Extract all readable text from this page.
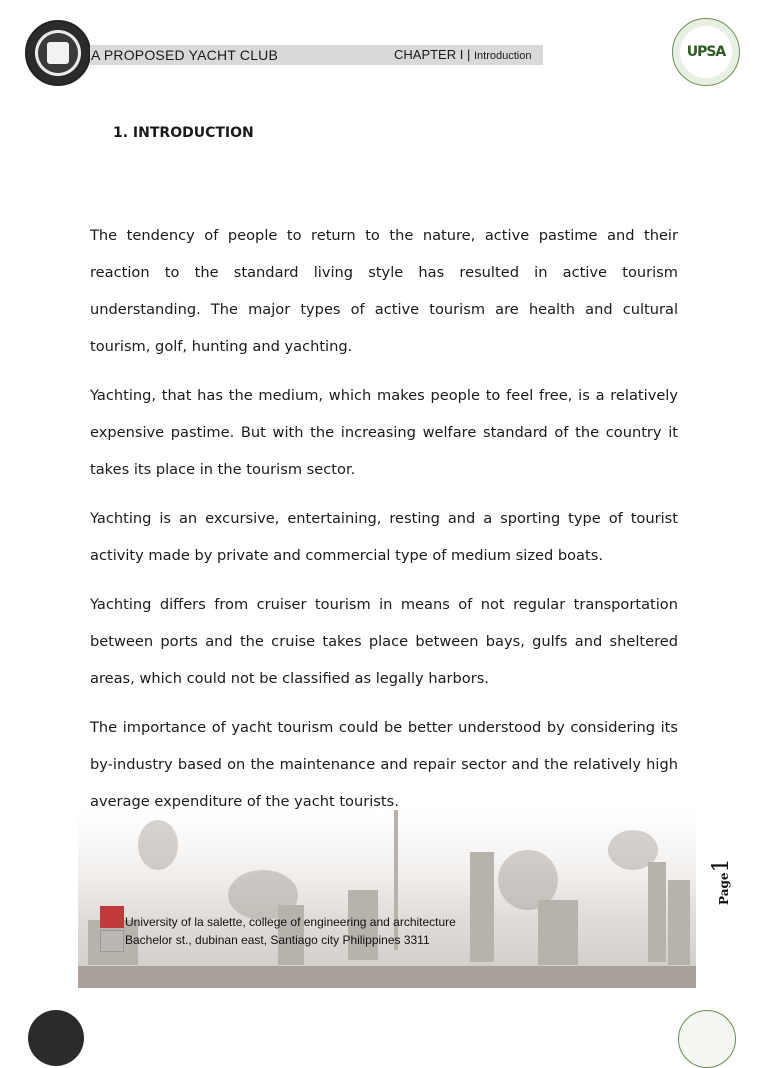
A PROPOSED YACHT CLUB	CHAPTER I | Introduction	UPSA
1. INTRODUCTION

The tendency of people to return to the nature, active pastime and their reaction to the standard living style has resulted in active tourism understanding. The major types of active tourism are health and cultural tourism, golf, hunting and yachting.

Yachting, that has the medium, which makes people to feel free, is a relatively expensive pastime. But with the increasing welfare standard of the country it takes its place in the tourism sector.

Yachting is an excursive, entertaining, resting and a sporting type of tourist activity made by private and commercial type of medium sized boats.

Yachting differs from cruiser tourism in means of not regular transportation between ports and the cruise takes place between bays, gulfs and sheltered areas, which could not be classified as legally harbors.

The importance of yacht tourism could be better understood by considering its by-industry based on the maintenance and repair sector and the relatively high average expenditure of the yacht tourists.

University of la salette, college of engineering and architecture
Bachelor st., dubinan east, Santiago city Philippines 3311
Page1
